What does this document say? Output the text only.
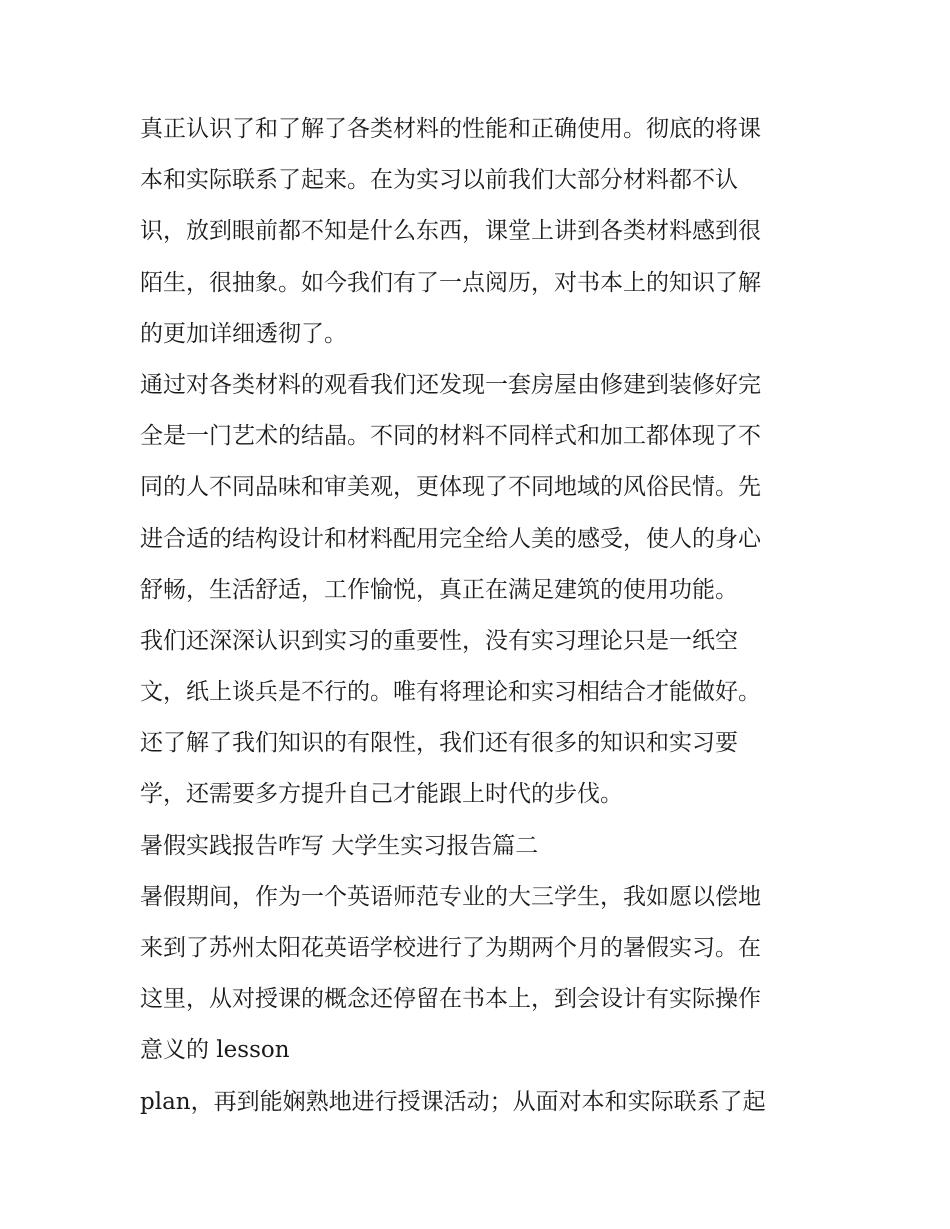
真正认识了和了解了各类材料的性能和正确使用。彻底的将课
本和实际联系了起来。在为实习以前我们大部分材料都不认
识，放到眼前都不知是什么东西，课堂上讲到各类材料感到很
陌生，很抽象。如今我们有了一点阅历，对书本上的知识了解
的更加详细透彻了。
通过对各类材料的观看我们还发现一套房屋由修建到装修好完
全是一门艺术的结晶。不同的材料不同样式和加工都体现了不
同的人不同品味和审美观，更体现了不同地域的风俗民情。先
进合适的结构设计和材料配用完全给人美的感受，使人的身心
舒畅，生活舒适，工作愉悦，真正在满足建筑的使用功能。
我们还深深认识到实习的重要性，没有实习理论只是一纸空
文，纸上谈兵是不行的。唯有将理论和实习相结合才能做好。
还了解了我们知识的有限性，我们还有很多的知识和实习要
学，还需要多方提升自己才能跟上时代的步伐。
暑假实践报告咋写 大学生实习报告篇二
暑假期间，作为一个英语师范专业的大三学生，我如愿以偿地
来到了苏州太阳花英语学校进行了为期两个月的暑假实习。在
这里，从对授课的概念还停留在书本上，到会设计有实际操作
意义的 lesson
plan，再到能娴熟地进行授课活动；从面对本和实际联系了起
